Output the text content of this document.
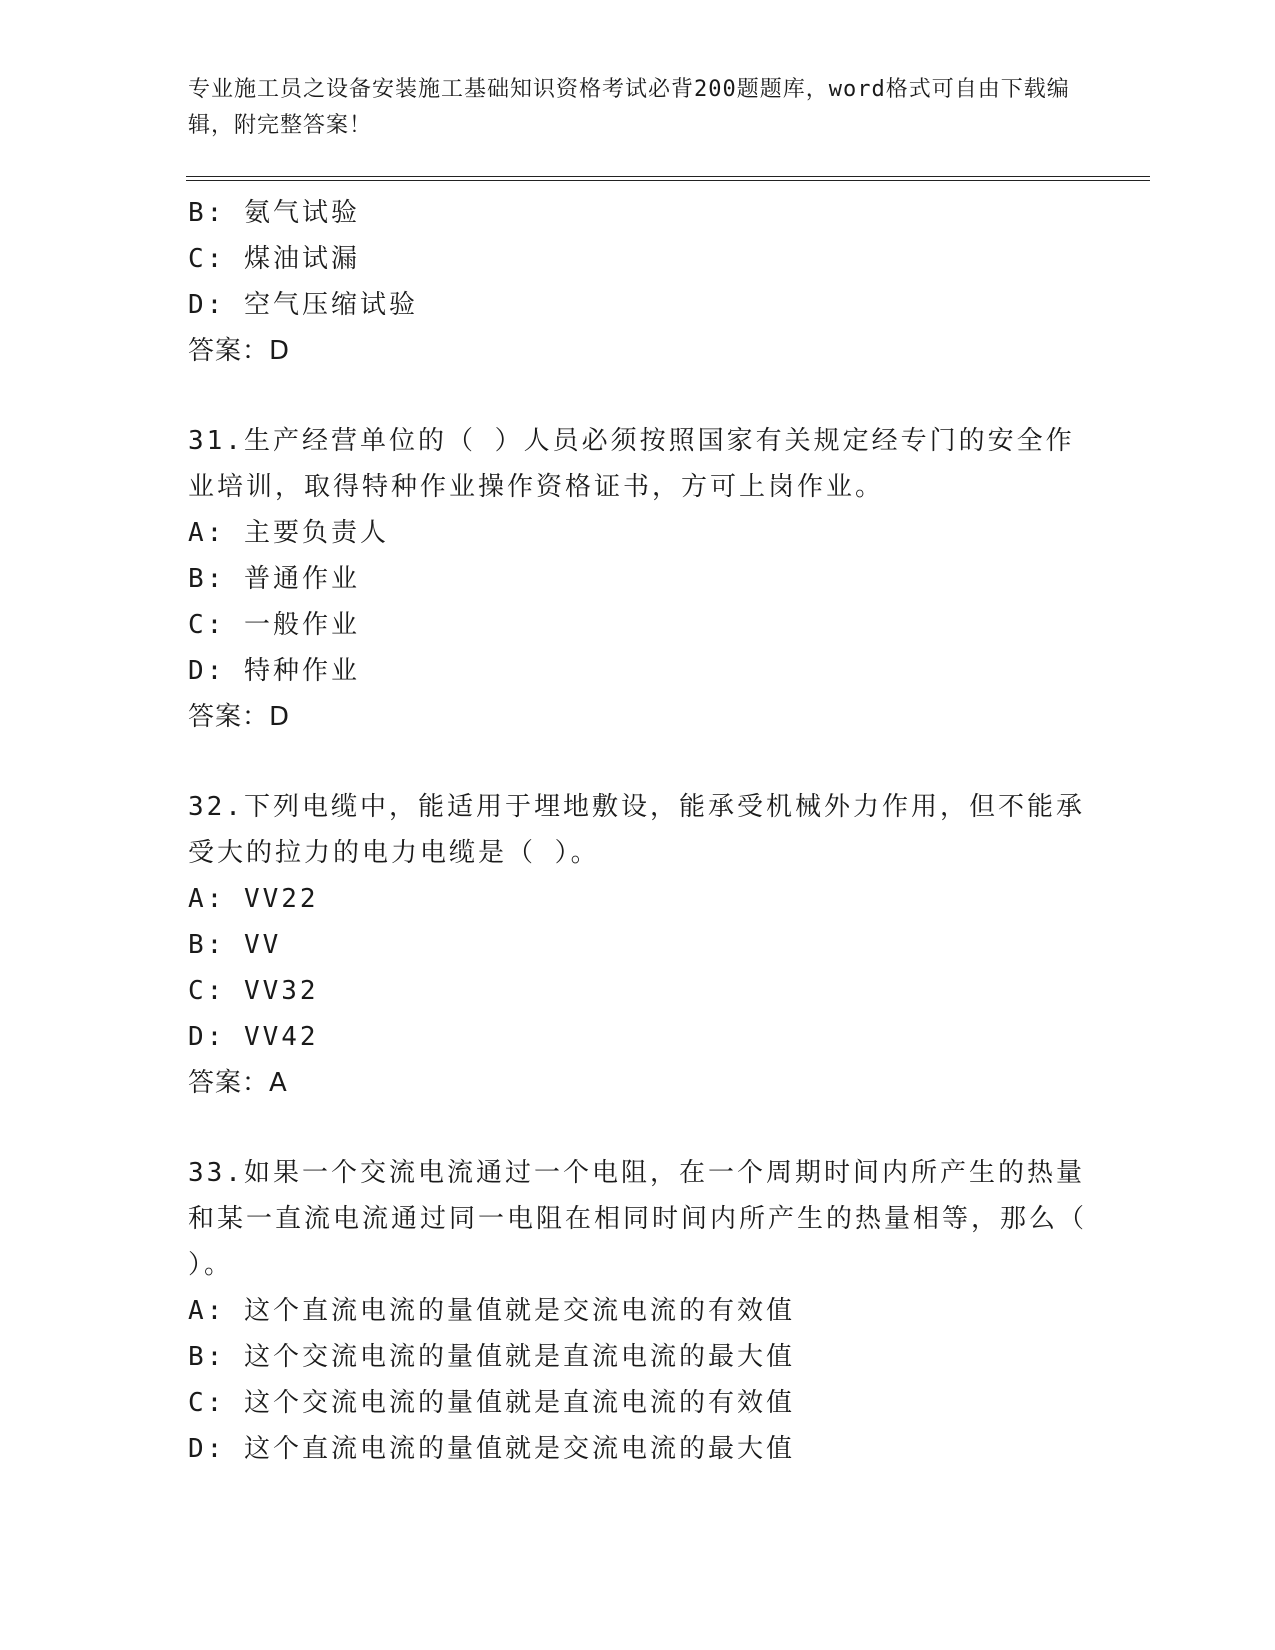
专业施工员之设备安装施工基础知识资格考试必背200题题库，word格式可自由下载编辑，附完整答案！
B: 氨气试验
C: 煤油试漏
D: 空气压缩试验
答案：D
31.生产经营单位的（ ）人员必须按照国家有关规定经专门的安全作业培训，取得特种作业操作资格证书，方可上岗作业。
A: 主要负责人
B: 普通作业
C: 一般作业
D: 特种作业
答案：D
32.下列电缆中，能适用于埋地敷设，能承受机械外力作用，但不能承受大的拉力的电力电缆是（ ）。
A: VV22
B: VV
C: VV32
D: VV42
答案：A
33.如果一个交流电流通过一个电阻，在一个周期时间内所产生的热量和某一直流电流通过同一电阻在相同时间内所产生的热量相等，那么（ ）。
A: 这个直流电流的量值就是交流电流的有效值
B: 这个交流电流的量值就是直流电流的最大值
C: 这个交流电流的量值就是直流电流的有效值
D: 这个直流电流的量值就是交流电流的最大值
